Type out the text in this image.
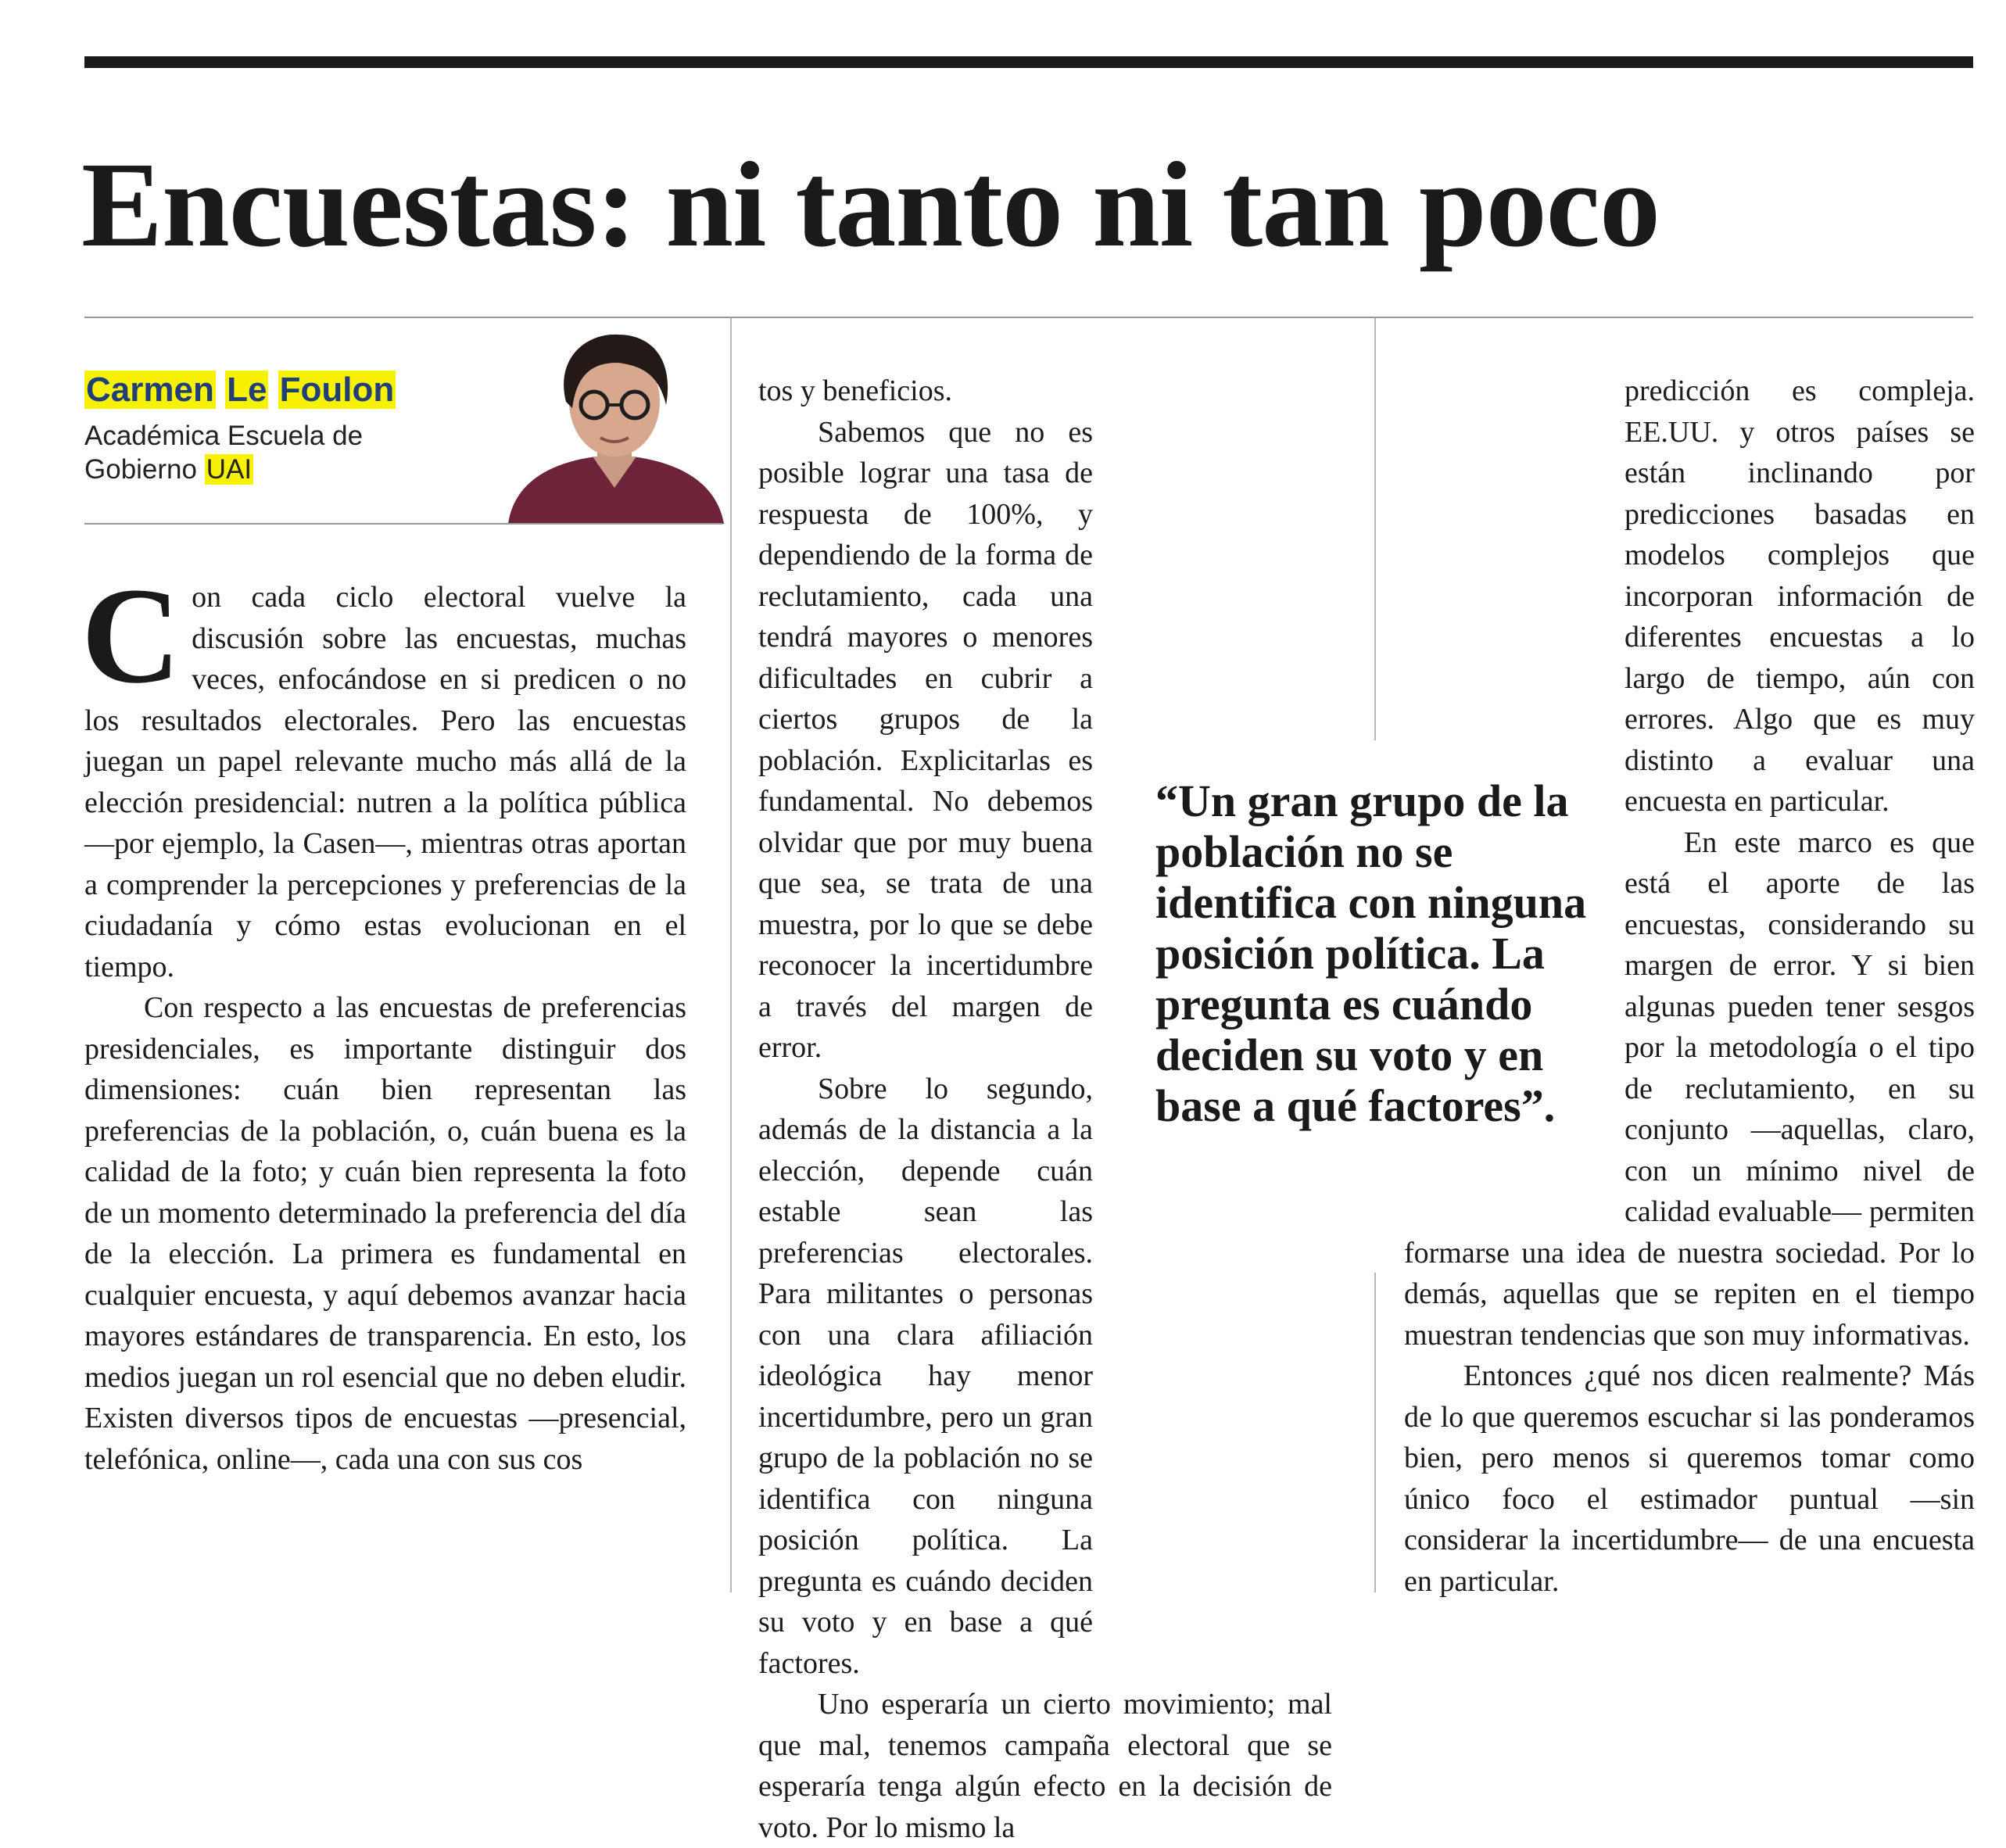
Encuestas: ni tanto ni tan poco

Carmen Le Foulon

Académica Escuela de Gobierno UAI

Con cada ciclo electoral vuelve la discusión sobre las encuestas, muchas veces, enfocándose en si predicen o no los resultados electorales. Pero las encuestas juegan un papel relevante mucho más allá de la elección presidencial: nutren a la política pública —por ejemplo, la Casen—, mientras otras aportan a comprender la percepciones y preferencias de la ciudadanía y cómo estas evolucionan en el tiempo.

Con respecto a las encuestas de preferencias presidenciales, es importante distinguir dos dimensiones: cuán bien representan las preferencias de la población, o, cuán buena es la calidad de la foto; y cuán bien representa la foto de un momento determinado la preferencia del día de la elección. La primera es fundamental en cualquier encuesta, y aquí debemos avanzar hacia mayores estándares de transparencia. En esto, los medios juegan un rol esencial que no deben eludir. Existen diversos tipos de encuestas —presencial, telefónica, online—, cada una con sus cos

tos y beneficios.

Sabemos que no es posible lograr una tasa de respuesta de 100%, y dependiendo de la forma de reclutamiento, cada una tendrá mayores o menores dificultades en cubrir a ciertos grupos de la población. Explicitarlas es fundamental. No debemos olvidar que por muy buena que sea, se trata de una muestra, por lo que se debe reconocer la incertidumbre a través del margen de error.

Sobre lo segundo, además de la distancia a la elección, depende cuán estable sean las preferencias electorales. Para militantes o personas con una clara afiliación ideológica hay menor incertidumbre, pero un gran grupo de la población no se identifica con ninguna posición política. La pregunta es cuándo deciden su voto y en base a qué factores.

Uno esperaría un cierto movimiento; mal que mal, tenemos campaña electoral que se esperaría tenga algún efecto en la decisión de voto. Por lo mismo la

predicción es compleja. EE.UU. y otros países se están inclinando por predicciones basadas en modelos complejos que incorporan información de diferentes encuestas a lo largo de tiempo, aún con errores. Algo que es muy distinto a evaluar una encuesta en particular.

En este marco es que está el aporte de las encuestas, considerando su margen de error. Y si bien algunas pueden tener sesgos por la metodología o el tipo de reclutamiento, en su conjunto —aquellas, claro, con un mínimo nivel de calidad evaluable— permiten formarse una idea de nuestra sociedad. Por lo demás, aquellas que se repiten en el tiempo muestran tendencias que son muy informativas.

Entonces ¿qué nos dicen realmente? Más de lo que queremos escuchar si las ponderamos bien, pero menos si queremos tomar como único foco el estimador puntual —sin considerar la incertidumbre— de una encuesta en particular.

“Un gran grupo de la población no se identifica con ninguna posición política. La pregunta es cuándo deciden su voto y en base a qué factores”.
